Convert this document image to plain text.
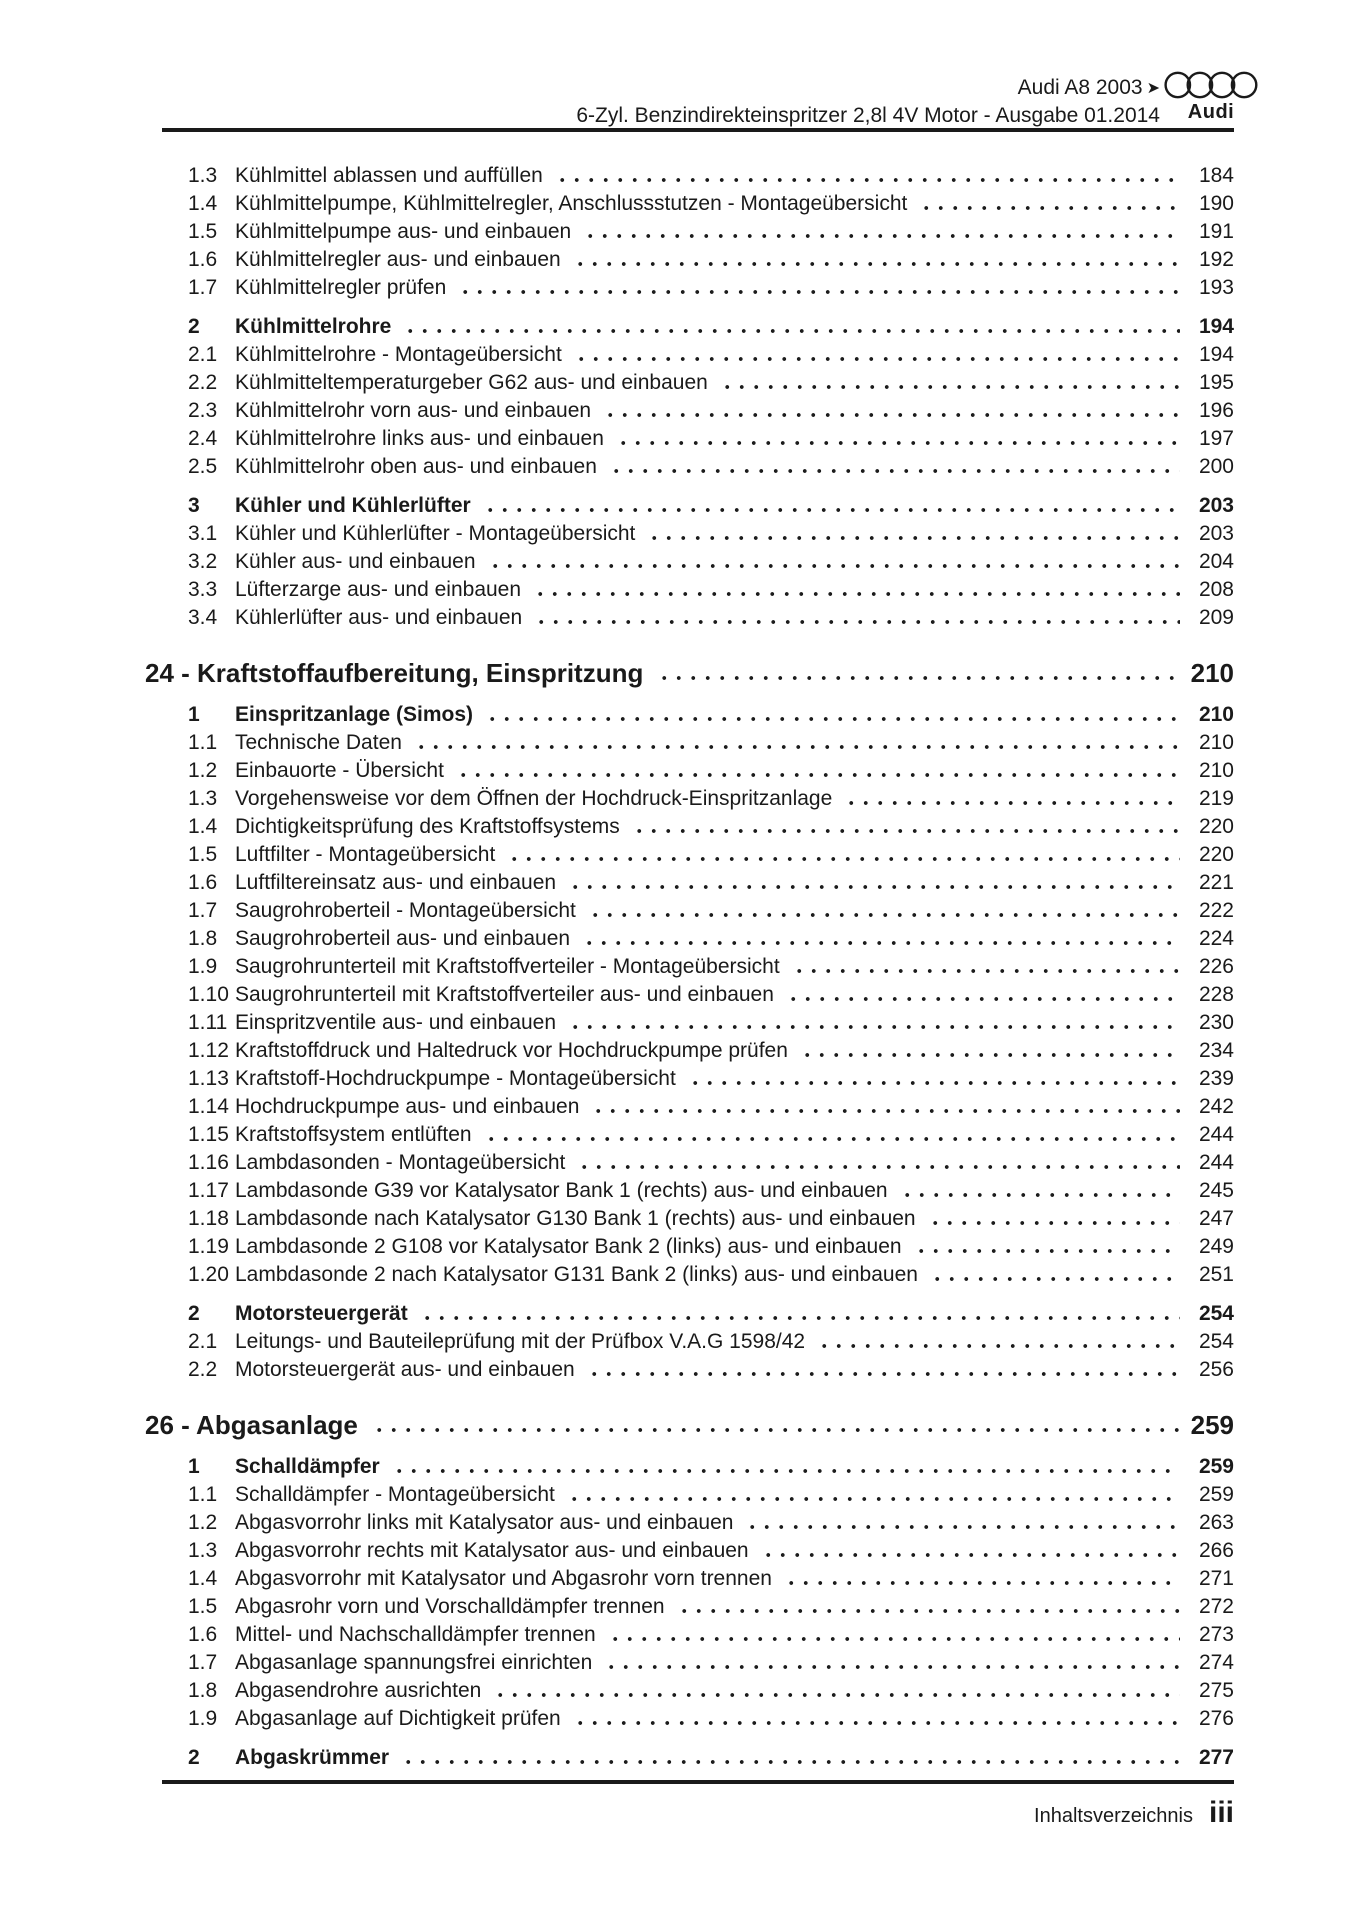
Audi A8 2003 ➤
6-Zyl. Benzindirekteinspritzer 2,8l 4V Motor - Ausgabe 01.2014	Audi
1.3 Kühlmittel ablassen und auffüllen	184
1.4 Kühlmittelpumpe, Kühlmittelregler, Anschlussstutzen - Montageübersicht	190
1.5 Kühlmittelpumpe aus- und einbauen	191
1.6 Kühlmittelregler aus- und einbauen	192
1.7 Kühlmittelregler prüfen	193
2	Kühlmittelrohre	194
2.1 Kühlmittelrohre - Montageübersicht	194
2.2 Kühlmitteltemperaturgeber G62 aus- und einbauen	195
2.3 Kühlmittelrohr vorn aus- und einbauen	196
2.4 Kühlmittelrohre links aus- und einbauen	197
2.5 Kühlmittelrohr oben aus- und einbauen	200
3	Kühler und Kühlerlüfter	203
3.1 Kühler und Kühlerlüfter - Montageübersicht	203
3.2 Kühler aus- und einbauen	204
3.3 Lüfterzarge aus- und einbauen	208
3.4 Kühlerlüfter aus- und einbauen	209
24 - Kraftstoffaufbereitung, Einspritzung	210
1	Einspritzanlage (Simos)	210
1.1 Technische Daten	210
1.2 Einbauorte - Übersicht	210
1.3 Vorgehensweise vor dem Öffnen der Hochdruck-Einspritzanlage	219
1.4 Dichtigkeitsprüfung des Kraftstoffsystems	220
1.5 Luftfilter - Montageübersicht	220
1.6 Luftfiltereinsatz aus- und einbauen	221
1.7 Saugrohroberteil - Montageübersicht	222
1.8 Saugrohroberteil aus- und einbauen	224
1.9 Saugrohrunterteil mit Kraftstoffverteiler - Montageübersicht	226
1.10 Saugrohrunterteil mit Kraftstoffverteiler aus- und einbauen	228
1.11 Einspritzventile aus- und einbauen	230
1.12 Kraftstoffdruck und Haltedruck vor Hochdruckpumpe prüfen	234
1.13 Kraftstoff-Hochdruckpumpe - Montageübersicht	239
1.14 Hochdruckpumpe aus- und einbauen	242
1.15 Kraftstoffsystem entlüften	244
1.16 Lambdasonden - Montageübersicht	244
1.17 Lambdasonde G39 vor Katalysator Bank 1 (rechts) aus- und einbauen	245
1.18 Lambdasonde nach Katalysator G130 Bank 1 (rechts) aus- und einbauen	247
1.19 Lambdasonde 2 G108 vor Katalysator Bank 2 (links) aus- und einbauen	249
1.20 Lambdasonde 2 nach Katalysator G131 Bank 2 (links) aus- und einbauen	251
2	Motorsteuergerät	254
2.1 Leitungs- und Bauteileprüfung mit der Prüfbox V.A.G 1598/42	254
2.2 Motorsteuergerät aus- und einbauen	256
26 - Abgasanlage	259
1	Schalldämpfer	259
1.1 Schalldämpfer - Montageübersicht	259
1.2 Abgasvorrohr links mit Katalysator aus- und einbauen	263
1.3 Abgasvorrohr rechts mit Katalysator aus- und einbauen	266
1.4 Abgasvorrohr mit Katalysator und Abgasrohr vorn trennen	271
1.5 Abgasrohr vorn und Vorschalldämpfer trennen	272
1.6 Mittel- und Nachschalldämpfer trennen	273
1.7 Abgasanlage spannungsfrei einrichten	274
1.8 Abgasendrohre ausrichten	275
1.9 Abgasanlage auf Dichtigkeit prüfen	276
2	Abgaskrümmer	277
Inhaltsverzeichnis iii
